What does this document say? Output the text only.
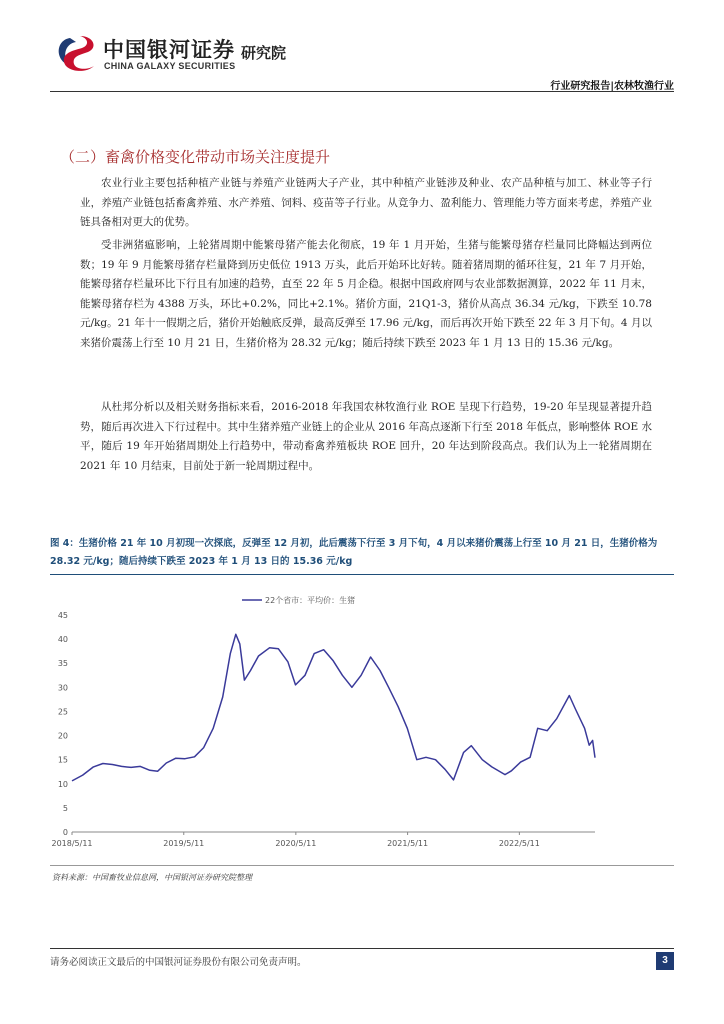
中国银河证券
CHINA GALAXY SECURITIES
研究院
行业研究报告|农林牧渔行业
（二）畜禽价格变化带动市场关注度提升

农业行业主要包括种植产业链与养殖产业链两大子产业，其中种植产业链涉及种业、农产品种植与加工、林业等子行业，养殖产业链包括畜禽养殖、水产养殖、饲料、疫苗等子行业。从竞争力、盈利能力、管理能力等方面来考虑，养殖产业链具备相对更大的优势。

受非洲猪瘟影响，上轮猪周期中能繁母猪产能去化彻底，19 年 1 月开始，生猪与能繁母猪存栏量同比降幅达到两位数；19 年 9 月能繁母猪存栏量降到历史低位 1913 万头，此后开始环比好转。随着猪周期的循环往复，21 年 7 月开始，能繁母猪存栏量环比下行且有加速的趋势，直至 22 年 5 月企稳。根据中国政府网与农业部数据测算，2022 年 11 月末，能繁母猪存栏为 4388 万头，环比+0.2%，同比+2.1%。猪价方面，21Q1-3，猪价从高点 36.34 元/kg，下跌至 10.78 元/kg。21 年十一假期之后，猪价开始触底反弹，最高反弹至 17.96 元/kg，而后再次开始下跌至 22 年 3 月下旬。4 月以来猪价震荡上行至 10 月 21 日，生猪价格为 28.32 元/kg；随后持续下跌至 2023 年 1 月 13 日的 15.36 元/kg。

从杜邦分析以及相关财务指标来看，2016-2018 年我国农林牧渔行业 ROE 呈现下行趋势，19-20 年呈现显著提升趋势，随后再次进入下行过程中。其中生猪养殖产业链上的企业从 2016 年高点逐渐下行至 2018 年低点，影响整体 ROE 水平，随后 19 年开始猪周期处上行趋势中，带动畜禽养殖板块 ROE 回升，20 年达到阶段高点。我们认为上一轮猪周期在 2021 年 10 月结束，目前处于新一轮周期过程中。

图 4：生猪价格 21 年 10 月初现一次探底，反弹至 12 月初，此后震荡下行至 3 月下旬，4 月以来猪价震荡上行至 10 月 21 日，生猪价格为 28.32 元/kg；随后持续下跌至 2023 年 1 月 13 日的 15.36 元/kg
22个省市：平均价：生猪
0
5
10
15
20
25
30
35
40
45
2018/5/11	2019/5/11	2020/5/11	2021/5/11	2022/5/11
资料来源：中国畜牧业信息网，中国银河证券研究院整理
请务必阅读正文最后的中国银河证券股份有限公司免责声明。	3
